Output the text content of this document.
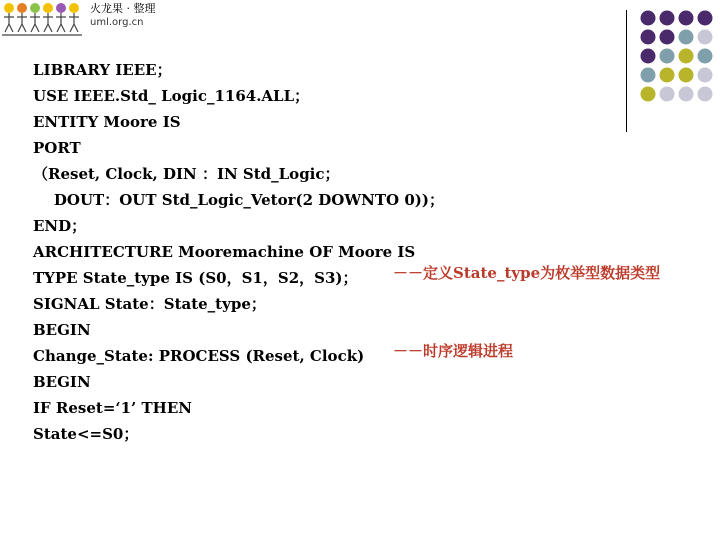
火龙果 · 整理
uml.org.cn
LIBRARY IEEE；
USE IEEE.Std_ Logic_1164.ALL；
ENTITY Moore IS
PORT
（Reset, Clock, DIN ：IN Std_Logic；
DOUT：OUT Std_Logic_Vetor(2 DOWNTO 0))；
END；
ARCHITECTURE Mooremachine OF Moore IS
TYPE State_type IS (S0，S1，S2，S3)；
SIGNAL State：State_type；
BEGIN
Change_State: PROCESS (Reset, Clock)
BEGIN
IF Reset=‘1’ THEN
State<=S0；
－－定义State_type为枚举型数据类型
－－时序逻辑进程
